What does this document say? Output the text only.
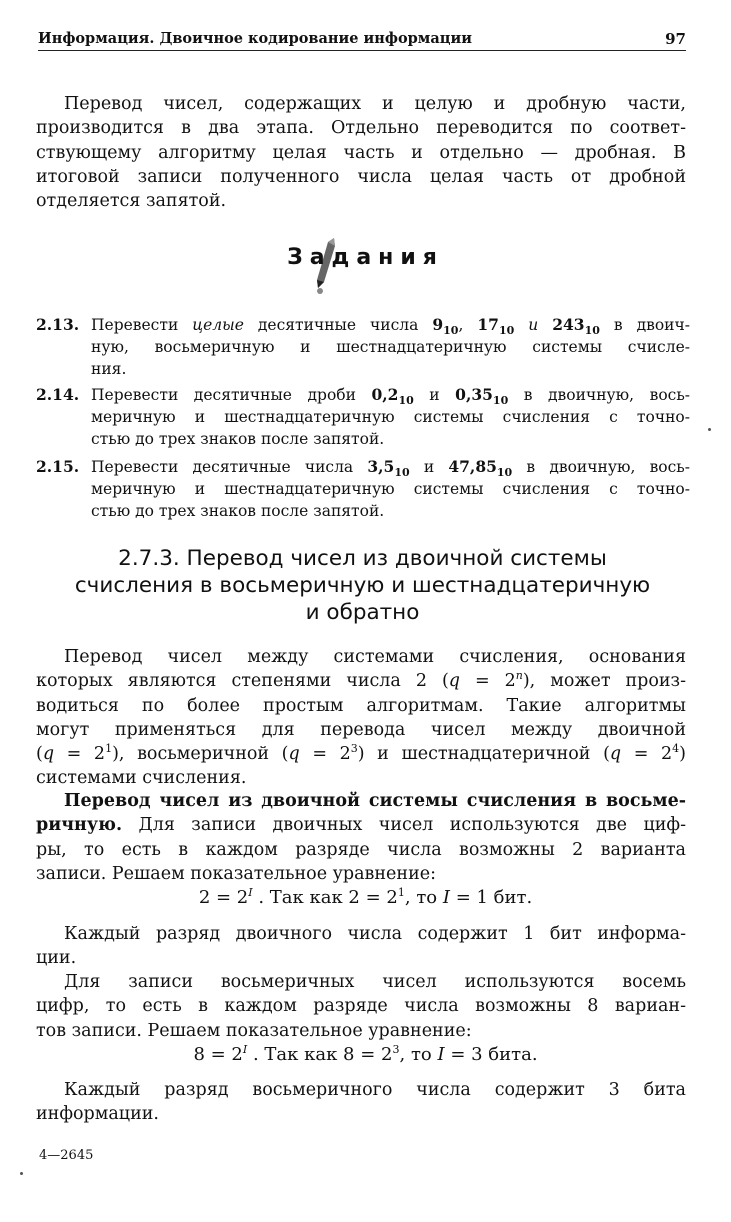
Информация. Двоичное кодирование информации	97
Перевод чисел, содержащих и целую и дробную части,
производится в два этапа. Отдельно переводится по соответ-
ствующему алгоритму целая часть и отдельно — дробная. В
итоговой записи полученного числа целая часть от дробной
отделяется запятой.
Задания
2.13. Перевести целые десятичные числа $9_{10}$, $17_{10}$ и $243_{10}$ в двоич-
ную, восьмеричную и шестнадцатеричную системы счисле-
ния.
2.14. Перевести десятичные дроби $0,2_{10}$ и $0,35_{10}$ в двоичную, вось-
меричную и шестнадцатеричную системы счисления с точно-
стью до трех знаков после запятой.
2.15. Перевести десятичные числа $3,5_{10}$ и $47,85_{10}$ в двоичную, вось-
меричную и шестнадцатеричную системы счисления с точно-
стью до трех знаков после запятой.
2.7.3. Перевод чисел из двоичной системы
счисления в восьмеричную и шестнадцатеричную
и обратно
Перевод чисел между системами счисления, основания
которых являются степенями числа 2 $(q = 2^n)$, может произ-
водиться по более простым алгоритмам. Такие алгоритмы
могут применяться для перевода чисел между двоичной
$(q = 2^1)$, восьмеричной $(q = 2^3)$ и шестнадцатеричной $(q = 2^4)$
системами счисления.
Перевод чисел из двоичной системы счисления в восьме-
ричную. Для записи двоичных чисел используются две циф-
ры, то есть в каждом разряде числа возможны 2 варианта
записи. Решаем показательное уравнение:
$2 = 2^I$ . Так как $2 = 2^1$, то I = 1 бит.
Каждый разряд двоичного числа содержит 1 бит информа-
ции.
Для записи восьмеричных чисел используются восемь
цифр, то есть в каждом разряде числа возможны 8 вариан-
тов записи. Решаем показательное уравнение:
$8 = 2^I$ . Так как $8 = 2^3$, то I = 3 бита.
Каждый разряд восьмеричного числа содержит 3 бита
информации.
4—2645
